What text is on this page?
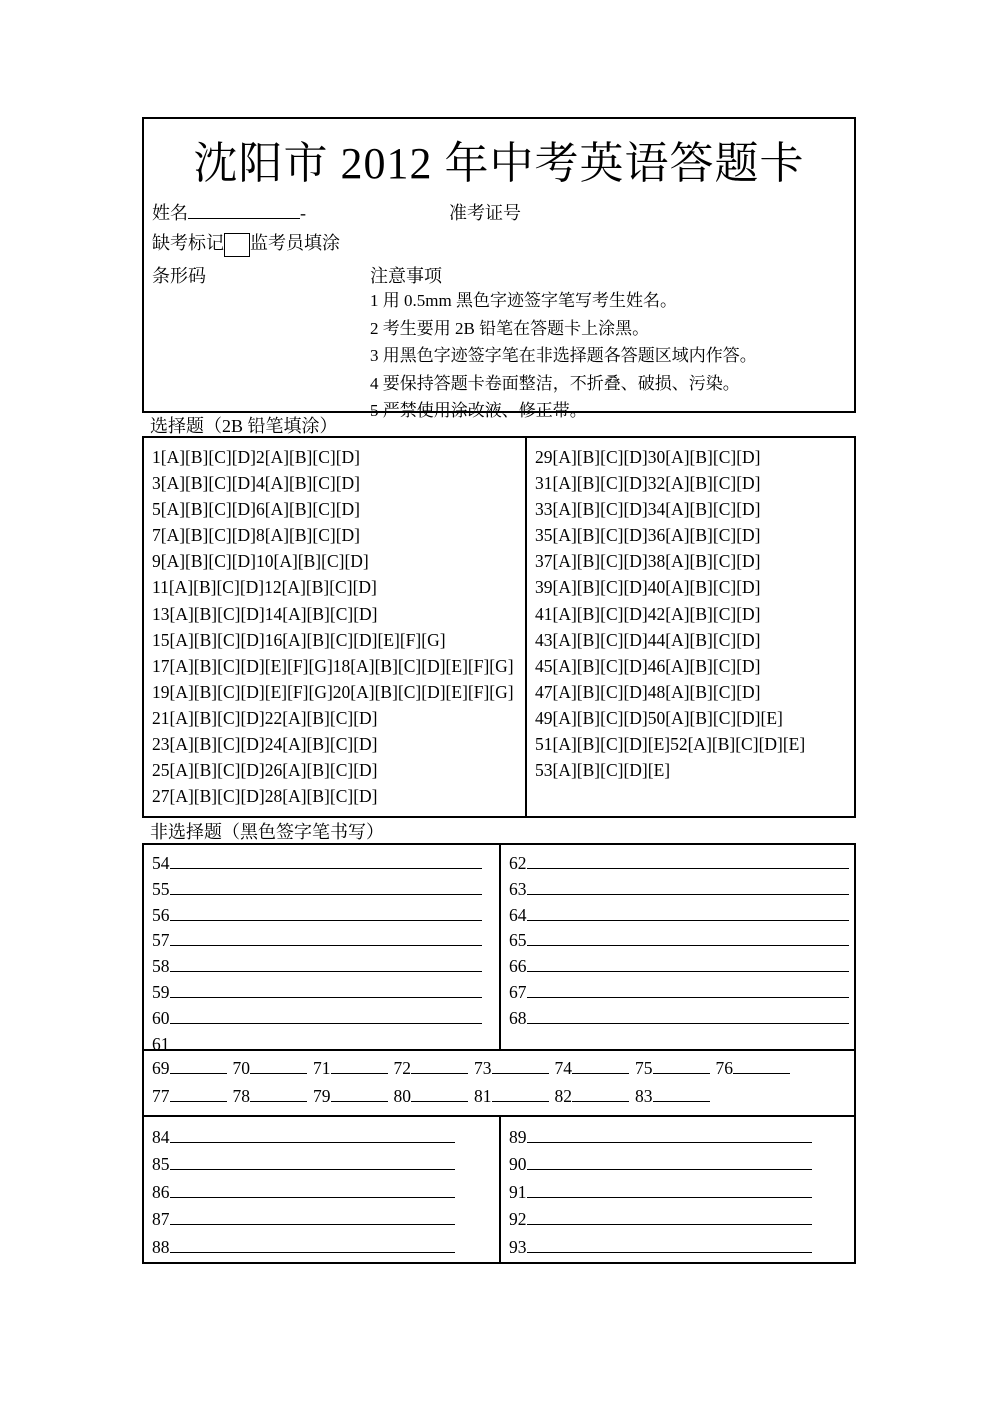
沈阳市 2012 年中考英语答题卡
姓名	-	准考证号
缺考标记 监考员填涂
条形码	注意事项
1 用 0.5mm 黑色字迹签字笔写考生姓名。
2 考生要用 2B 铅笔在答题卡上涂黑。
3 用黑色字迹签字笔在非选择题各答题区域内作答。
4 要保持答题卡卷面整洁，不折叠、破损、污染。
5 严禁使用涂改液、修正带。
选择题（2B 铅笔填涂）
1[A][B][C][D]2[A][B][C][D]
3[A][B][C][D]4[A][B][C][D]
5[A][B][C][D]6[A][B][C][D]
7[A][B][C][D]8[A][B][C][D]
9[A][B][C][D]10[A][B][C][D]
11[A][B][C][D]12[A][B][C][D]
13[A][B][C][D]14[A][B][C][D]
15[A][B][C][D]16[A][B][C][D][E][F][G]
17[A][B][C][D][E][F][G]18[A][B][C][D][E][F][G]
19[A][B][C][D][E][F][G]20[A][B][C][D][E][F][G]
21[A][B][C][D]22[A][B][C][D]
23[A][B][C][D]24[A][B][C][D]
25[A][B][C][D]26[A][B][C][D]
27[A][B][C][D]28[A][B][C][D]
29[A][B][C][D]30[A][B][C][D]
31[A][B][C][D]32[A][B][C][D]
33[A][B][C][D]34[A][B][C][D]
35[A][B][C][D]36[A][B][C][D]
37[A][B][C][D]38[A][B][C][D]
39[A][B][C][D]40[A][B][C][D]
41[A][B][C][D]42[A][B][C][D]
43[A][B][C][D]44[A][B][C][D]
45[A][B][C][D]46[A][B][C][D]
47[A][B][C][D]48[A][B][C][D]
49[A][B][C][D]50[A][B][C][D][E]
51[A][B][C][D][E]52[A][B][C][D][E]
53[A][B][C][D][E]
非选择题（黑色签字笔书写）
54
55
56
57
58
59
60
61
62
63
64
65
66
67
68
69	70	71	72	73	74	75	76
77	78	79	80	81	82	83
84
85
86
87
88
89
90
91
92
93
